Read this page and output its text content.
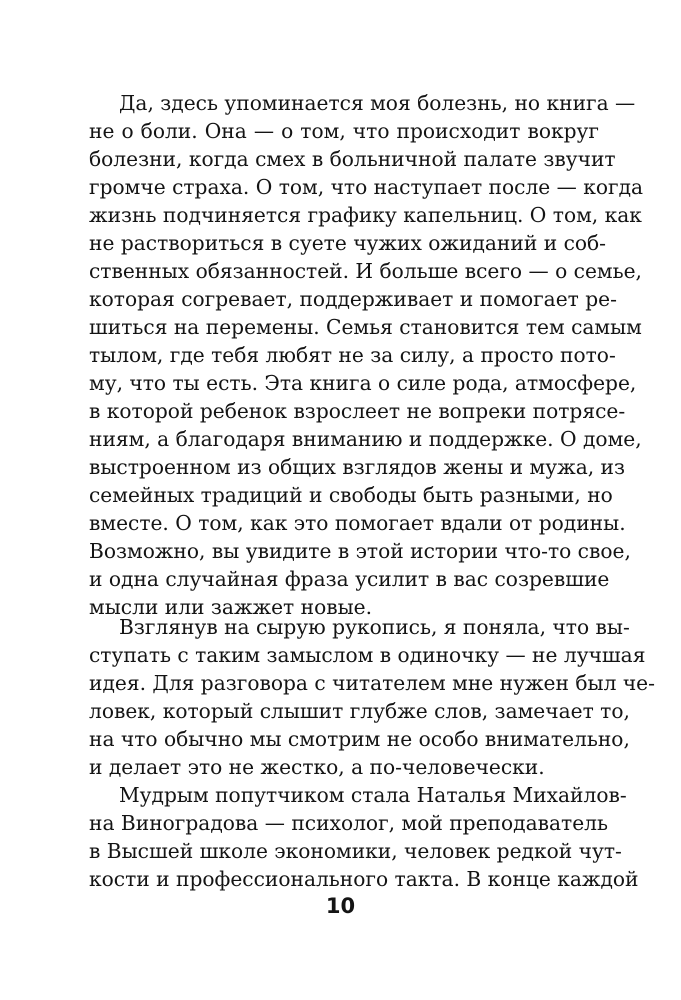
Да, здесь упоминается моя болезнь, но книга —
не о боли. Она — о том, что происходит вокруг
болезни, когда смех в больничной палате звучит
громче страха. О том, что наступает после — когда
жизнь подчиняется графику капельниц. О том, как
не раствориться в суете чужих ожиданий и соб-
ственных обязанностей. И больше всего — о семье,
которая согревает, поддерживает и помогает ре-
шиться на перемены. Семья становится тем самым
тылом, где тебя любят не за силу, а просто пото-
му, что ты есть. Эта книга о силе рода, атмосфере,
в которой ребенок взрослеет не вопреки потрясе-
ниям, а благодаря вниманию и поддержке. О доме,
выстроенном из общих взглядов жены и мужа, из
семейных традиций и свободы быть разными, но
вместе. О том, как это помогает вдали от родины.
Возможно, вы увидите в этой истории что-то свое,
и одна случайная фраза усилит в вас созревшие
мысли или зажжет новые.
Взглянув на сырую рукопись, я поняла, что вы-
ступать с таким замыслом в одиночку — не лучшая
идея. Для разговора с читателем мне нужен был че-
ловек, который слышит глубже слов, замечает то,
на что обычно мы смотрим не особо внимательно,
и делает это не жестко, а по-человечески.
Мудрым попутчиком стала Наталья Михайлов-
на Виноградова — психолог, мой преподаватель
в Высшей школе экономики, человек редкой чут-
кости и профессионального такта. В конце каждой
10
